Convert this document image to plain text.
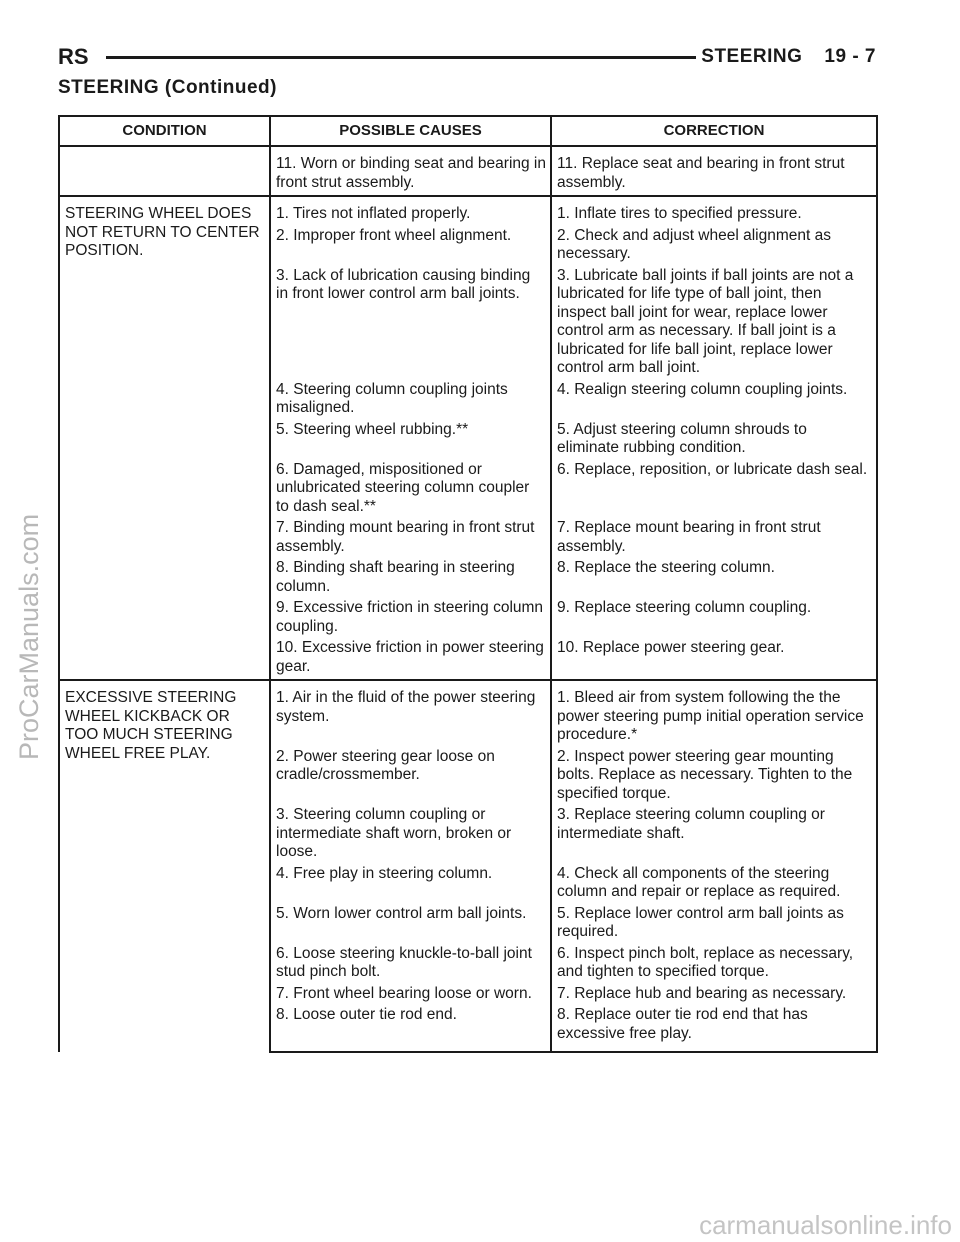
RS	STEERING 19 - 7
STEERING (Continued)
CONDITION	POSSIBLE CAUSES	CORRECTION
	11. Worn or binding seat and bearing in front strut assembly.	11. Replace seat and bearing in front strut assembly.
STEERING WHEEL DOES NOT RETURN TO CENTER POSITION.	1. Tires not inflated properly.	1. Inflate tires to specified pressure.
	2. Improper front wheel alignment.	2. Check and adjust wheel alignment as necessary.
	3. Lack of lubrication causing binding in front lower control arm ball joints.	3. Lubricate ball joints if ball joints are not a lubricated for life type of ball joint, then inspect ball joint for wear, replace lower control arm as necessary. If ball joint is a lubricated for life ball joint, replace lower control arm ball joint.
	4. Steering column coupling joints misaligned.	4. Realign steering column coupling joints.
	5. Steering wheel rubbing.**	5. Adjust steering column shrouds to eliminate rubbing condition.
	6. Damaged, mispositioned or unlubricated steering column coupler to dash seal.**	6. Replace, reposition, or lubricate dash seal.
	7. Binding mount bearing in front strut assembly.	7. Replace mount bearing in front strut assembly.
	8. Binding shaft bearing in steering column.	8. Replace the steering column.
	9. Excessive friction in steering column coupling.	9. Replace steering column coupling.
	10. Excessive friction in power steering gear.	10. Replace power steering gear.
EXCESSIVE STEERING WHEEL KICKBACK OR TOO MUCH STEERING WHEEL FREE PLAY.	1. Air in the fluid of the power steering system.	1. Bleed air from system following the the power steering pump initial operation service procedure.*
	2. Power steering gear loose on cradle/crossmember.	2. Inspect power steering gear mounting bolts. Replace as necessary. Tighten to the specified torque.
	3. Steering column coupling or intermediate shaft worn, broken or loose.	3. Replace steering column coupling or intermediate shaft.
	4. Free play in steering column.	4. Check all components of the steering column and repair or replace as required.
	5. Worn lower control arm ball joints.	5. Replace lower control arm ball joints as required.
	6. Loose steering knuckle-to-ball joint stud pinch bolt.	6. Inspect pinch bolt, replace as necessary, and tighten to specified torque.
	7. Front wheel bearing loose or worn.	7. Replace hub and bearing as necessary.
	8. Loose outer tie rod end.	8. Replace outer tie rod end that has excessive free play.
ProCarManuals.com
carmanualsonline.info
